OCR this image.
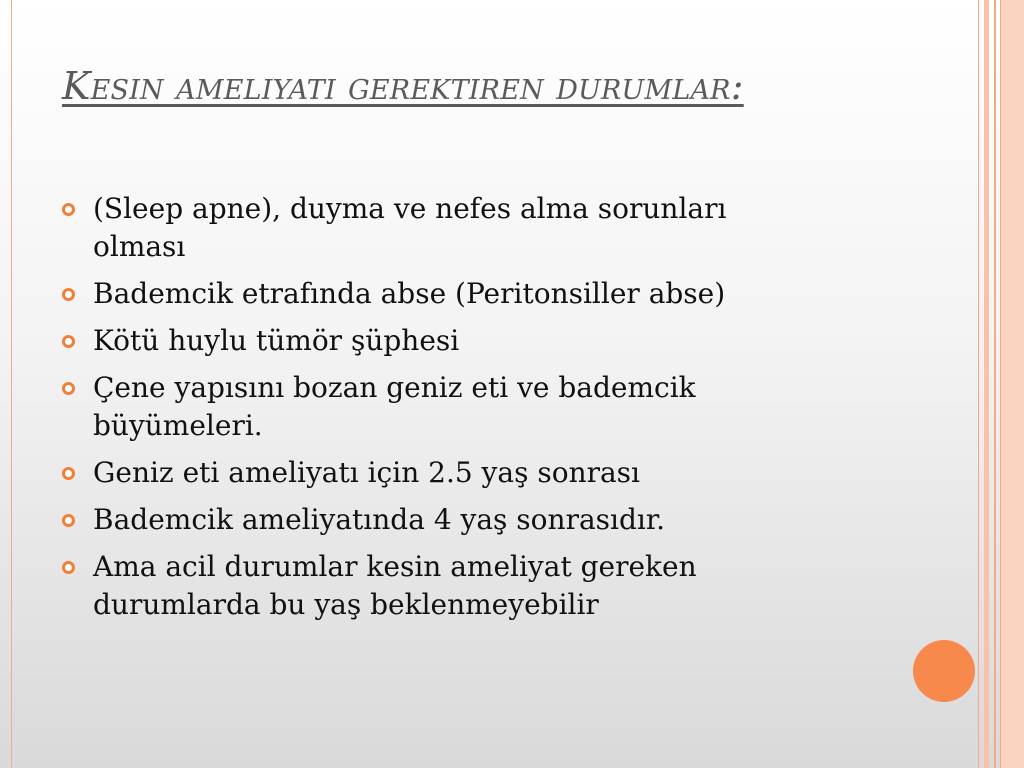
Kesin ameliyati gerektiren durumlar:
(Sleep apne), duyma ve nefes alma sorunları olması
Bademcik etrafında abse (Peritonsiller abse)
Kötü huylu tümör şüphesi
Çene yapısını bozan geniz eti ve bademcik büyümeleri.
Geniz eti ameliyatı için 2.5 yaş sonrası
Bademcik ameliyatında 4 yaş sonrasıdır.
Ama acil durumlar kesin ameliyat gereken durumlarda bu yaş beklenmeyebilir
